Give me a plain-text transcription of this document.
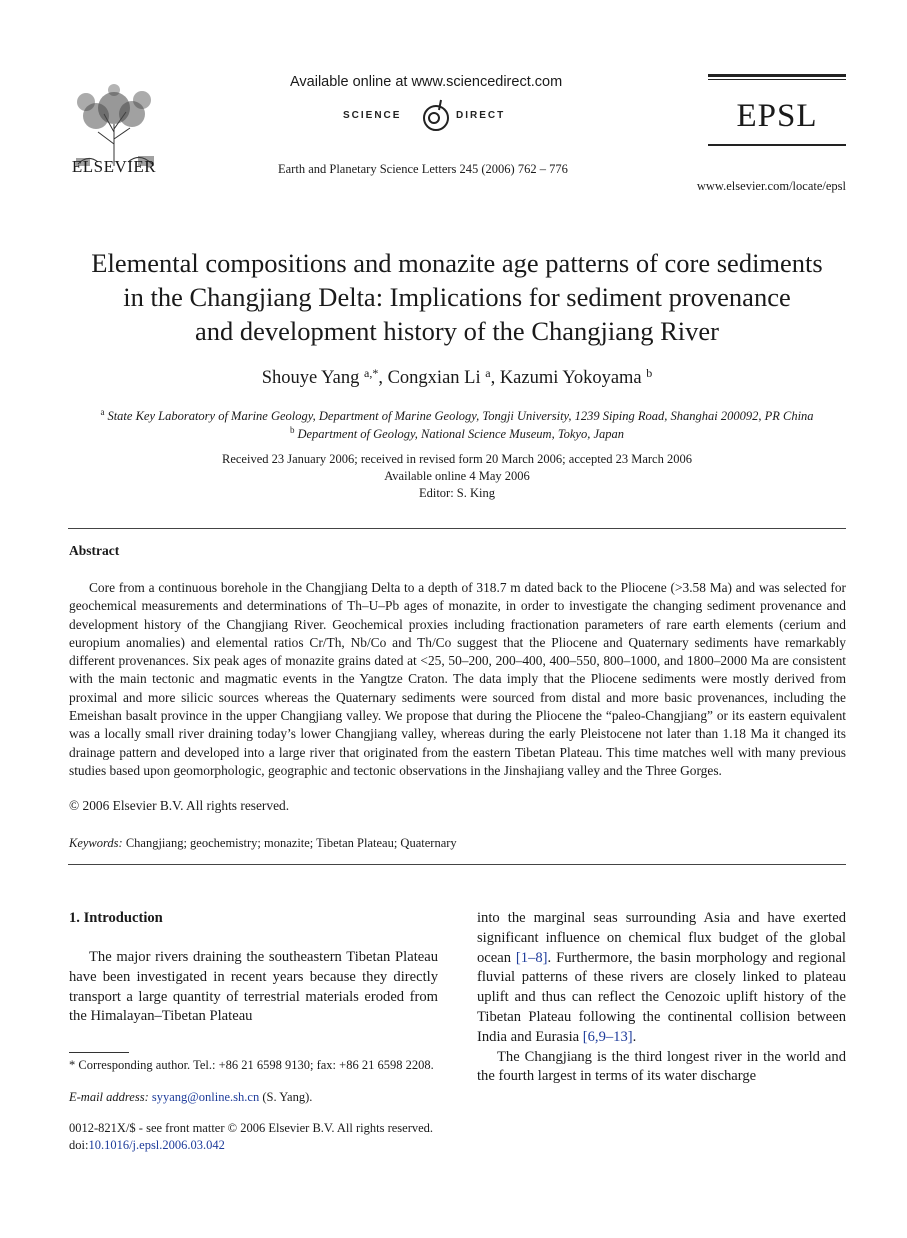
ELSEVIER
Available online at www.sciencedirect.com
SCIENCE	DIRECT
Earth and Planetary Science Letters 245 (2006) 762 – 776
EPSL
www.elsevier.com/locate/epsl
Elemental compositions and monazite age patterns of core sediments
in the Changjiang Delta: Implications for sediment provenance
and development history of the Changjiang River
Shouye Yang $^{a,*}$, Congxian Li $^a$, Kazumi Yokoyama $^b$
$^a$ State Key Laboratory of Marine Geology, Department of Marine Geology, Tongji University, 1239 Siping Road, Shanghai 200092, PR China
$^b$ Department of Geology, National Science Museum, Tokyo, Japan
Received 23 January 2006; received in revised form 20 March 2006; accepted 23 March 2006
Available online 4 May 2006
Editor: S. King
Abstract
Core from a continuous borehole in the Changjiang Delta to a depth of 318.7 m dated back to the Pliocene (>3.58 Ma) and was selected for geochemical measurements and determinations of Th–U–Pb ages of monazite, in order to investigate the changing sediment provenance and development history of the Changjiang River. Geochemical proxies including fractionation parameters of rare earth elements (cerium and europium anomalies) and elemental ratios Cr/Th, Nb/Co and Th/Co suggest that the Pliocene and Quaternary sediments have remarkably different provenances. Six peak ages of monazite grains dated at <25, 50–200, 200–400, 400–550, 800–1000, and 1800–2000 Ma are consistent with the main tectonic and magmatic events in the Yangtze Craton. The data imply that the Pliocene sediments were mostly derived from proximal and more silicic sources whereas the Quaternary sediments were sourced from distal and more basic provenances, including the Emeishan basalt province in the upper Changjiang valley. We propose that during the Pliocene the “paleo-Changjiang” or its eastern equivalent was a locally small river draining today’s lower Changjiang valley, whereas during the early Pleistocene not later than 1.18 Ma it changed its drainage pattern and developed into a large river that originated from the eastern Tibetan Plateau. This time matches well with many previous studies based upon geomorphologic, geographic and tectonic observations in the Jinshajiang valley and the Three Gorges.
© 2006 Elsevier B.V. All rights reserved.
Keywords: Changjiang; geochemistry; monazite; Tibetan Plateau; Quaternary
1. Introduction

The major rivers draining the southeastern Tibetan Plateau have been investigated in recent years because they directly transport a large quantity of terrestrial materials eroded from the Himalayan–Tibetan Plateau

into the marginal seas surrounding Asia and have exerted significant influence on chemical flux budget of the global ocean [1–8]. Furthermore, the basin morphology and regional fluvial patterns of these rivers are closely linked to plateau uplift and thus can reflect the Cenozoic uplift history of the Tibetan Plateau following the continental collision between India and Eurasia [6,9–13].

The Changjiang is the third longest river in the world and the fourth largest in terms of its water discharge

* Corresponding author. Tel.: +86 21 6598 9130; fax: +86 21 6598 2208.
E-mail address: syyang@online.sh.cn (S. Yang).
0012-821X/$ - see front matter © 2006 Elsevier B.V. All rights reserved.
doi:10.1016/j.epsl.2006.03.042
